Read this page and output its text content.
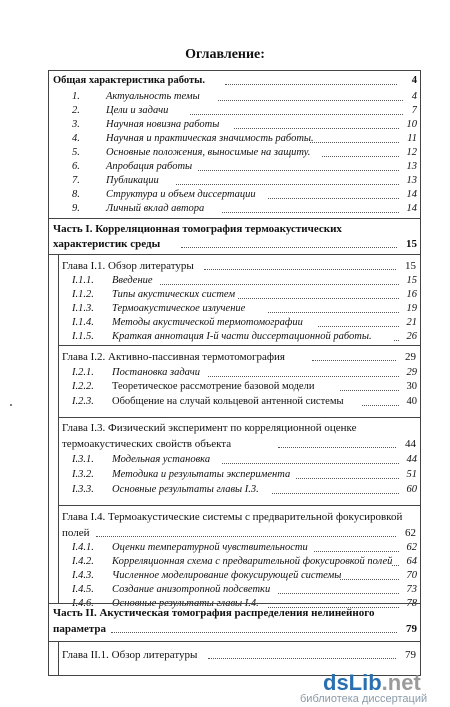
Оглавление:
Общая характеристика работы.	4
1. Актуальность темы	4
2. Цели и задачи	7
3. Научная новизна работы	10
4. Научная и практическая значимость работы.	11
5. Основные положения, выносимые на защиту.	12
6. Апробация работы	13
7. Публикации	13
8. Структура и объем диссертации	14
9. Личный вклад автора	14
Часть I. Корреляционная томография термоакустических
характеристик среды	15
Глава I.1. Обзор литературы	15
I.1.1. Введение	15
I.1.2. Типы акустических систем	16
I.1.3. Термоакустическое излучение	19
I.1.4. Методы акустической термотомографии	21
I.1.5. Краткая аннотация I-й части диссертационной работы.	26
Глава I.2. Активно-пассивная термотомография	29
I.2.1. Постановка задачи	29
I.2.2. Теоретическое рассмотрение базовой модели	30
I.2.3. Обобщение на случай кольцевой антенной системы	40
Глава I.3. Физический эксперимент по корреляционной оценке
термоакустических свойств объекта	44
I.3.1. Модельная установка	44
I.3.2. Методика и результаты эксперимента	51
I.3.3. Основные результаты главы I.3.	60
Глава I.4. Термоакустические системы с предварительной фокусировкой
полей	62
I.4.1. Оценки температурной чувствительности	62
I.4.2. Корреляционная схема с предварительной фокусировкой полей 64
I.4.3. Численное моделирование фокусирующей системы	70
I.4.5. Создание анизотропной подсветки	73
I.4.6. Основные результаты главы I.4.	78
Часть II. Акустическая томография распределения нелинейного
параметра	79
Глава II.1. Обзор литературы	79
dsLib.net
библиотека диссертаций
